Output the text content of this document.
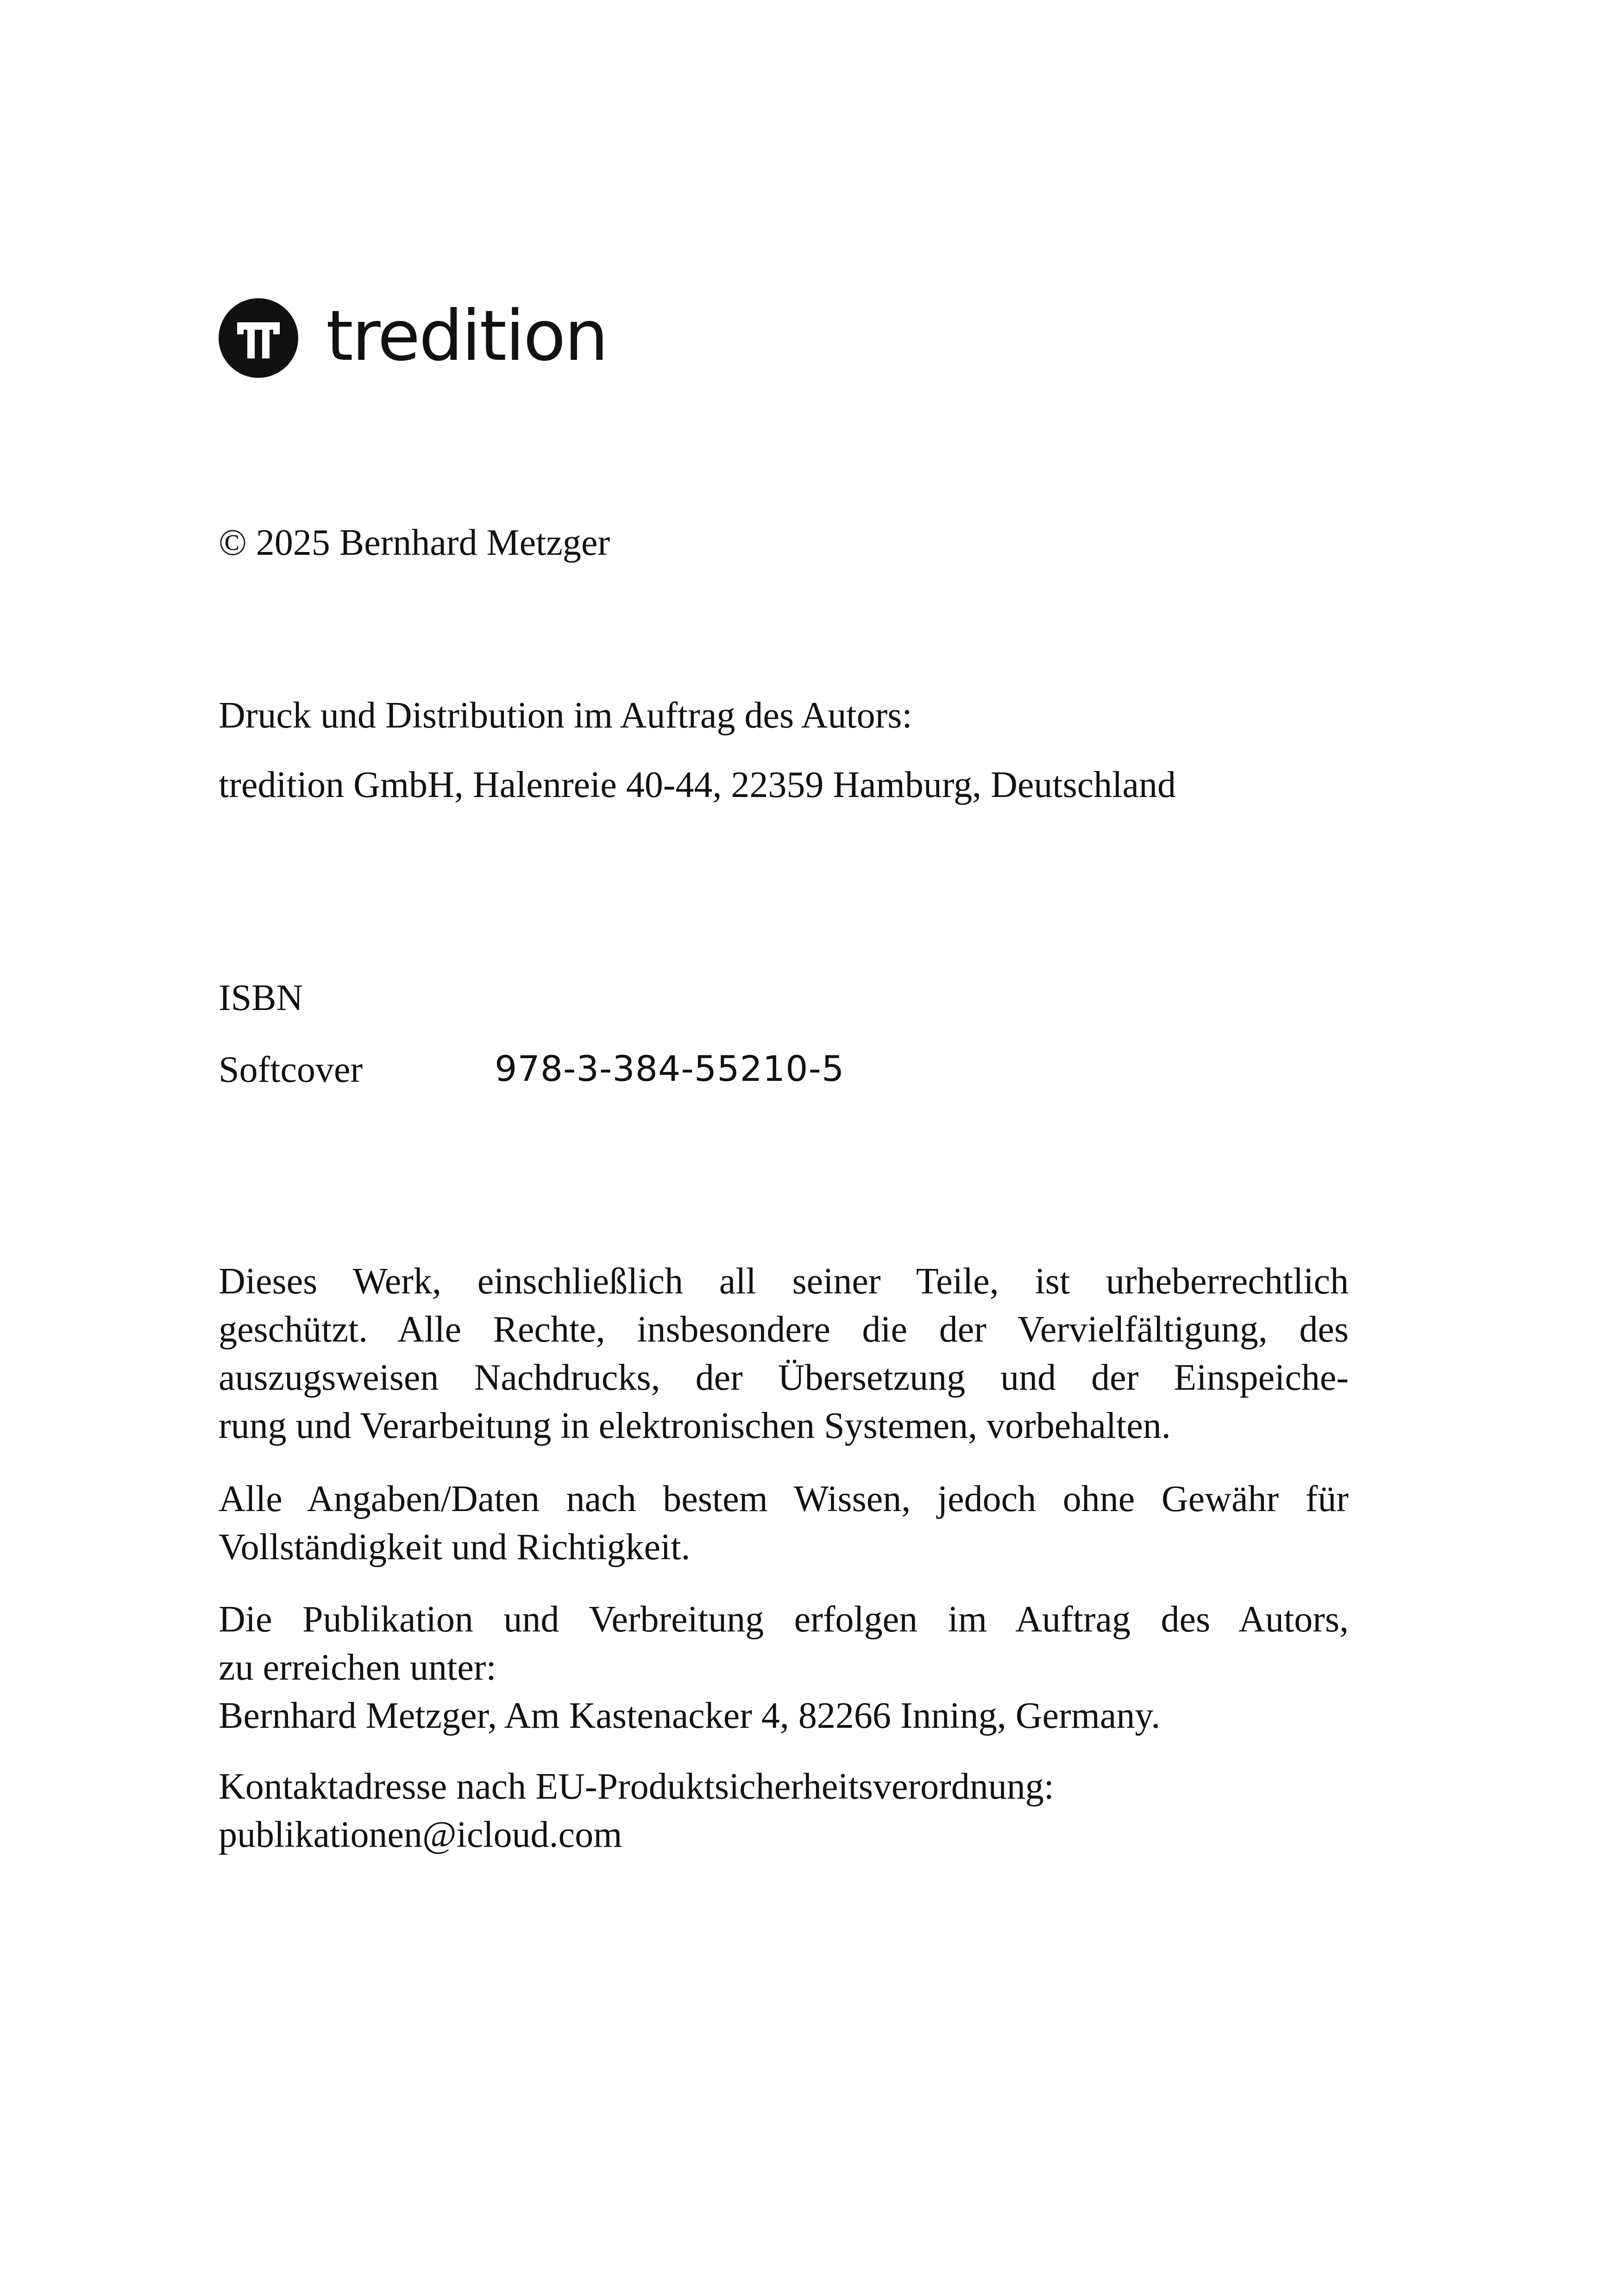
tredition
© 2025 Bernhard Metzger
Druck und Distribution im Auftrag des Autors:
tredition GmbH, Halenreie 40-44, 22359 Hamburg, Deutschland
ISBN
Softcover	978-3-384-55210-5
Dieses Werk, einschließlich all seiner Teile, ist urheberrechtlich
geschützt. Alle Rechte, insbesondere die der Vervielfältigung, des
auszugsweisen Nachdrucks, der Übersetzung und der Einspeiche-
rung und Verarbeitung in elektronischen Systemen, vorbehalten.
Alle Angaben/Daten nach bestem Wissen, jedoch ohne Gewähr für
Vollständigkeit und Richtigkeit.
Die Publikation und Verbreitung erfolgen im Auftrag des Autors,
zu erreichen unter:
Bernhard Metzger, Am Kastenacker 4, 82266 Inning, Germany.
Kontaktadresse nach EU-Produktsicherheitsverordnung:
publikationen@icloud.com
